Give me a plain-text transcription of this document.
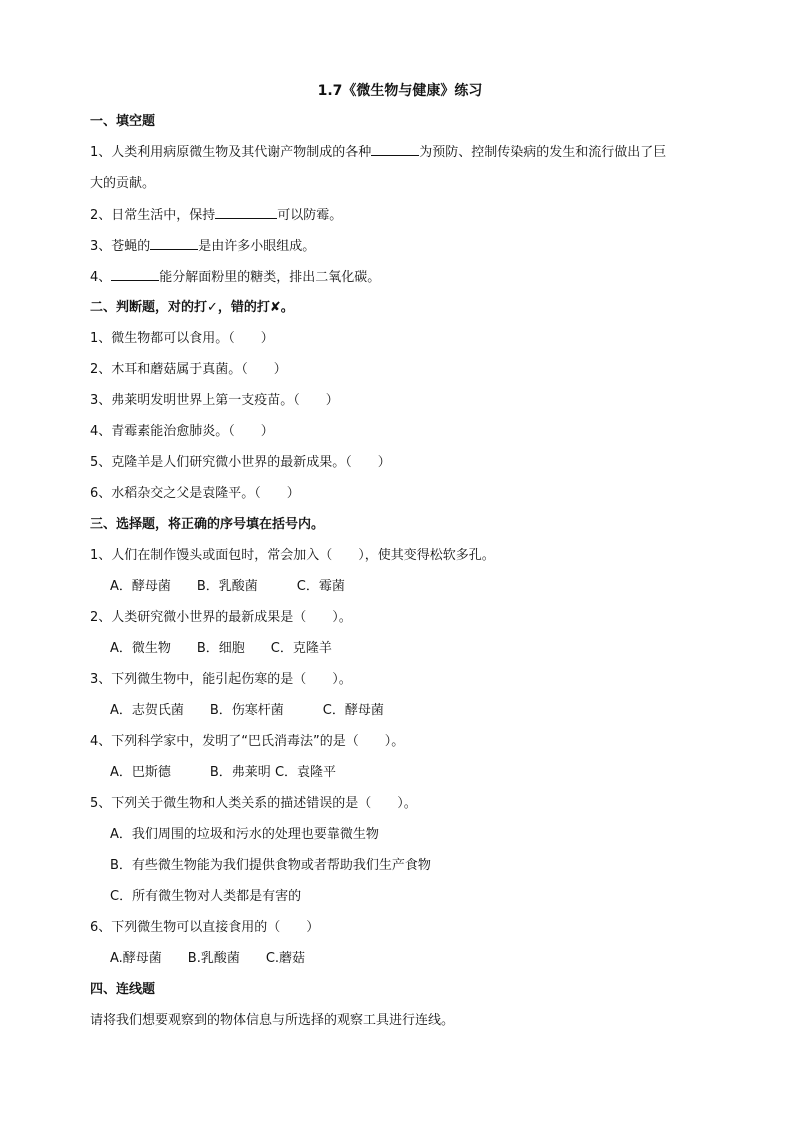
1.7《微生物与健康》练习
一、填空题
1、人类利用病原微生物及其代谢产物制成的各种	为预防、控制传染病的发生和流行做出了巨
大的贡献。
2、日常生活中，保持	可以防霉。
3、苍蝇的	是由许多小眼组成。
4、	能分解面粉里的糖类，排出二氧化碳。
二、判断题，对的打✓，错的打✘。
1、微生物都可以食用。（　　）
2、木耳和蘑菇属于真菌。（　　）
3、弗莱明发明世界上第一支疫苗。（　　）
4、青霉素能治愈肺炎。（　　）
5、克隆羊是人们研究微小世界的最新成果。（　　）
6、水稻杂交之父是袁隆平。（　　）
三、选择题，将正确的序号填在括号内。
1、人们在制作馒头或面包时，常会加入（　　），使其变得松软多孔。
A．酵母菌　　B．乳酸菌　　　C．霉菌
2、人类研究微小世界的最新成果是（　　）。
A．微生物　　B．细胞　　C．克隆羊
3、下列微生物中，能引起伤寒的是（　　）。
A．志贺氏菌　　B．伤寒杆菌　　　C．酵母菌
4、下列科学家中，发明了“巴氏消毒法”的是（　　）。
A．巴斯德　　　B．弗莱明 C．袁隆平
5、下列关于微生物和人类关系的描述错误的是（　　）。
A．我们周围的垃圾和污水的处理也要靠微生物
B．有些微生物能为我们提供食物或者帮助我们生产食物
C．所有微生物对人类都是有害的
6、下列微生物可以直接食用的（　　）
A.酵母菌　　B.乳酸菌　　C.蘑菇
四、连线题
请将我们想要观察到的物体信息与所选择的观察工具进行连线。
